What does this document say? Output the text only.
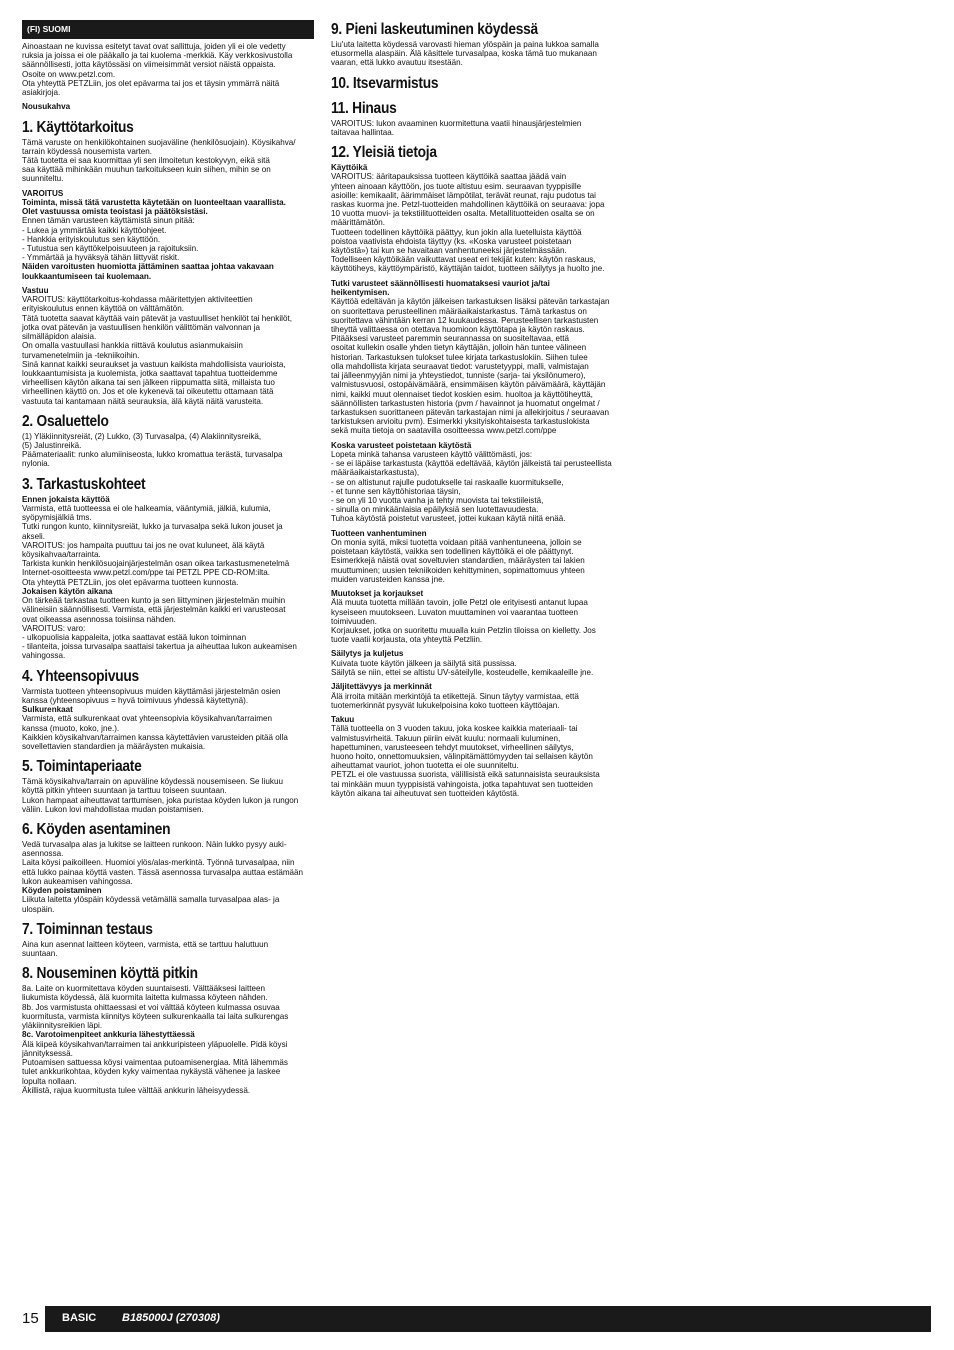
(FI) SUOMI

Ainoastaan ne kuvissa esitetyt tavat ovat sallittuja, joiden yli ei ole vedetty
ruksia ja joissa ei ole pääkallo ja tai kuolema -merkkiä. Käy verkkosivustolla
säännöllisesti, jotta käytössäsi on viimeisimmät versiot näistä oppaista.
Osoite on www.petzl.com.
Ota yhteyttä PETZLiin, jos olet epävarma tai jos et täysin ymmärrä näitä
asiakirjoja.

Nousukahva

1. Käyttötarkoitus

Tämä varuste on henkilökohtainen suojaväline (henkilösuojain). Köysikahva/
tarrain köydessä nousemista varten.
Tätä tuotetta ei saa kuormittaa yli sen ilmoitetun kestokyvyn, eikä sitä
saa käyttää mihinkään muuhun tarkoitukseen kuin siihen, mihin se on
suunniteltu.

VAROITUS

Toiminta, missä tätä varustetta käytetään on luonteeltaan vaarallista.
Olet vastuussa omista teoistasi ja päätöksistäsi.

Ennen tämän varusteen käyttämistä sinun pitää:
- Lukea ja ymmärtää kaikki käyttöohjeet.
- Hankkia erityiskoulutus sen käyttöön.
- Tutustua sen käyttökelpoisuuteen ja rajoituksiin.
- Ymmärtää ja hyväksyä tähän liittyvät riskit.

Näiden varoitusten huomiotta jättäminen saattaa johtaa vakavaan
loukkaantumiseen tai kuolemaan.

Vastuu

VAROITUS: käyttötarkoitus-kohdassa määritettyjen aktiviteettien
erityiskoulutus ennen käyttöä on välttämätön.
Tätä tuotetta saavat käyttää vain pätevät ja vastuulliset henkilöt tai henkilöt,
jotka ovat pätevän ja vastuullisen henkilön välittömän valvonnan ja
silmälläpidon alaisia.
On omalla vastuullasi hankkia riittävä koulutus asianmukaisiin
turvamenetelmiin ja -tekniikoihin.
Sinä kannat kaikki seuraukset ja vastuun kaikista mahdollisista vaurioista,
loukkaantumisista ja kuolemista, jotka saattavat tapahtua tuotteidemme
virheellisen käytön aikana tai sen jälkeen riippumatta siitä, millaista tuo
virheellinen käyttö on. Jos et ole kykenevä tai oikeutettu ottamaan tätä
vastuuta tai kantamaan näitä seurauksia, älä käytä näitä varusteita.

2. Osaluettelo

(1) Yläkiinnitysreiät, (2) Lukko, (3) Turvasalpa, (4) Alakiinnitysreikä,
(5) Jalustinreikä.
Päämateriaalit: runko alumiiniseosta, lukko kromattua terästä, turvasalpa
nylonia.

3. Tarkastuskohteet

Ennen jokaista käyttöä

Varmista, että tuotteessa ei ole halkeamia, vääntymiä, jälkiä, kulumia,
syöpymisjälkiä tms.
Tutki rungon kunto, kiinnitysreiät, lukko ja turvasalpa sekä lukon jouset ja
akseli.
VAROITUS: jos hampaita puuttuu tai jos ne ovat kuluneet, älä käytä
köysikahvaa/tarrainta.
Tarkista kunkin henkilösuojainjärjestelmän osan oikea tarkastusmenetelmä
Internet-osoitteesta www.petzl.com/ppe tai PETZL PPE CD-ROM:ilta.
Ota yhteyttä PETZLiin, jos olet epävarma tuotteen kunnosta.

Jokaisen käytön aikana

On tärkeää tarkastaa tuotteen kunto ja sen liittyminen järjestelmän muihin
välineisiin säännöllisesti. Varmista, että järjestelmän kaikki eri varusteosat
ovat oikeassa asennossa toisiinsa nähden.
VAROITUS: varo:
- ulkopuolisia kappaleita, jotka saattavat estää lukon toiminnan
- tilanteita, joissa turvasalpa saattaisi takertua ja aiheuttaa lukon aukeamisen
vahingossa.

4. Yhteensopivuus

Varmista tuotteen yhteensopivuus muiden käyttämäsi järjestelmän osien
kanssa (yhteensopivuus = hyvä toimivuus yhdessä käytettynä).

Sulkurenkaat

Varmista, että sulkurenkaat ovat yhteensopivia köysikahvan/tarraimen
kanssa (muoto, koko, jne.).
Kaikkien köysikahvan/tarraimen kanssa käytettävien varusteiden pitää olla
sovellettavien standardien ja määräysten mukaisia.

5. Toimintaperiaate

Tämä köysikahva/tarrain on apuväline köydessä nousemiseen. Se liukuu
köyttä pitkin yhteen suuntaan ja tarttuu toiseen suuntaan.
Lukon hampaat aiheuttavat tarttumisen, joka puristaa köyden lukon ja rungon
väliin. Lukon lovi mahdollistaa mudan poistamisen.

6. Köyden asentaminen

Vedä turvasalpa alas ja lukitse se laitteen runkoon. Näin lukko pysyy auki-
asennossa.
Laita köysi paikoilleen. Huomioi ylös/alas-merkintä. Työnnä turvasalpaa, niin
että lukko painaa köyttä vasten. Tässä asennossa turvasalpa auttaa estämään
lukon aukeamisen vahingossa.

Köyden poistaminen

Liikuta laitetta ylöspäin köydessä vetämällä samalla turvasalpaa alas- ja
ulospäin.

7. Toiminnan testaus

Aina kun asennat laitteen köyteen, varmista, että se tarttuu haluttuun
suuntaan.

8. Nouseminen köyttä pitkin

8a. Laite on kuormitettava köyden suuntaisesti. Välttääksesi laitteen
liukumista köydessä, älä kuormita laitetta kulmassa köyteen nähden.
8b. Jos varmistusta ohittaessasi et voi välttää köyteen kulmassa osuvaa
kuormitusta, varmista kiinnitys köyteen sulkurenkaalla tai laita sulkurengas
yläkiinnitysreikien läpi.

8c. Varotoimenpiteet ankkuria lähestyttäessä

Älä kiipeä köysikahvan/tarraimen tai ankkuripisteen yläpuolelle. Pidä köysi
jännityksessä.
Putoamisen sattuessa köysi vaimentaa putoamisenergiaa. Mitä lähemmäs
tulet ankkurikohtaa, köyden kyky vaimentaa nykäystä vähenee ja laskee
lopulta nollaan.
Äkillistä, rajua kuormitusta tulee välttää ankkurin läheisyydessä.

9. Pieni laskeutuminen köydessä

Liu'uta laitetta köydessä varovasti hieman ylöspäin ja paina lukkoa samalla
etusormella alaspäin. Älä käsittele turvasalpaa, koska tämä tuo mukanaan
vaaran, että lukko avautuu itsestään.

10. Itsevarmistus
11. Hinaus

VAROITUS: lukon avaaminen kuormitettuna vaatii hinausjärjestelmien
taitavaa hallintaa.

12. Yleisiä tietoja

Käyttöikä

VAROITUS: ääritapauksissa tuotteen käyttöikä saattaa jäädä vain
yhteen ainoaan käyttöön, jos tuote altistuu esim. seuraavan tyyppisille
asioille: kemikaalit, äärimmäiset lämpötilat, terävät reunat, raju pudotus tai
raskas kuorma jne. Petzl-tuotteiden mahdollinen käyttöikä on seuraava: jopa
10 vuotta muovi- ja tekstiilituotteiden osalta. Metallituotteiden osalta se on
määrittämätön.
Tuotteen todellinen käyttöikä päättyy, kun jokin alla luetelluista käyttöä
poistoa vaativista ehdoista täyttyy (ks. «Koska varusteet poistetaan
käytöstä») tai kun se havaitaan vanhentuneeksi järjestelmässään.
Todelliseen käyttöikään vaikuttavat useat eri tekijät kuten: käytön raskaus,
käyttötiheys, käyttöympäristö, käyttäjän taidot, tuotteen säilytys ja huolto jne.

Tutki varusteet säännöllisesti huomataksesi vauriot ja/tai
heikentymisen.

Käyttöä edeltävän ja käytön jälkeisen tarkastuksen lisäksi pätevän tarkastajan
on suoritettava perusteellinen määräaikaistarkastus. Tämä tarkastus on
suoritettava vähintään kerran 12 kuukaudessa. Perusteellisen tarkastusten
tiheyttä valittaessa on otettava huomioon käyttötapa ja käytön raskaus.
Pitääksesi varusteet paremmin seurannassa on suositeltavaa, että
osoitat kullekin osalle yhden tietyn käyttäjän, jolloin hän tuntee välineen
historian. Tarkastuksen tulokset tulee kirjata tarkastuslokiin. Siihen tulee
olla mahdollista kirjata seuraavat tiedot: varustetyyppi, malli, valmistajan
tai jälleenmyyjän nimi ja yhteystiedot, tunniste (sarja- tai yksilönumero),
valmistusvuosi, ostopäivämäärä, ensimmäisen käytön päivämäärä, käyttäjän
nimi, kaikki muut olennaiset tiedot koskien esim. huoltoa ja käyttötiheyttä,
säännöllisten tarkastusten historia (pvm / havainnot ja huomatut ongelmat /
tarkastuksen suorittaneen pätevän tarkastajan nimi ja allekirjoitus / seuraavan
tarkistuksen arvioitu pvm). Esimerkki yksityiskohtaisesta tarkastuslokista
sekä muita tietoja on saatavilla osoitteessa www.petzl.com/ppe

Koska varusteet poistetaan käytöstä

Lopeta minkä tahansa varusteen käyttö välittömästi, jos:
- se ei läpäise tarkastusta (käyttöä edeltävää, käytön jälkeistä tai perusteellista
määräaikaistarkastusta),
- se on altistunut rajulle pudotukselle tai raskaalle kuormitukselle,
- et tunne sen käyttöhistoriaa täysin,
- se on yli 10 vuotta vanha ja tehty muovista tai tekstiileistä,
- sinulla on minkäänlaisia epäilyksiä sen luotettavuudesta.
Tuhoa käytöstä poistetut varusteet, jotteі kukaan käytä niitä enää.

Tuotteen vanhentuminen

On monia syitä, miksi tuotetta voidaan pitää vanhentuneena, jolloin se
poistetaan käytöstä, vaikka sen todellinen käyttöikä ei ole päättynyt.
Esimerkkejä näistä ovat soveltuvien standardien, määräysten tai lakien
muuttuminen; uusien tekniikoiden kehittyminen, sopimattomuus yhteen
muiden varusteiden kanssa jne.

Muutokset ja korjaukset

Älä muuta tuotetta millään tavoin, jolle Petzl ole erityisesti antanut lupaa
kyseiseen muutokseen. Luvaton muuttaminen voi vaarantaa tuotteen
toimivuuden.
Korjaukset, jotka on suoritettu muualla kuin Petzlin tiloissa on kielletty. Jos
tuote vaatii korjausta, ota yhteyttä Petzliin.

Säilytys ja kuljetus

Kuivata tuote käytön jälkeen ja säilytä sitä pussissa.
Säilytä se niin, ettei se altistu UV-säteilylle, kosteudelle, kemikaaleille jne.

Jäljitettävyys ja merkinnät

Älä irroita mitään merkintöjä ta etikettejä. Sinun täytyy varmistaa, että
tuotemerkinnät pysyvät lukukelpoisina koko tuotteen käyttöajan.

Takuu

Tällä tuotteella on 3 vuoden takuu, joka koskee kaikkia materiaali- tai
valmistusvirheitä. Takuun piiriin eivät kuulu: normaali kuluminen,
hapettuminen, varusteeseen tehdyt muutokset, virheellinen säilytys,
huono hoito, onnettomuuksien, välinpitämättömyyden tai sellaisen käytön
aiheuttamat vauriot, johon tuotetta ei ole suunniteltu.
PETZL ei ole vastuussa suorista, välillisistä eikä satunnaisista seurauksista
tai minkään muun tyyppisistä vahingoista, jotka tapahtuvat sen tuotteiden
käytön aikana tai aiheutuvat sen tuotteiden käytöstä.

15 BASIC B185000J (270308)
